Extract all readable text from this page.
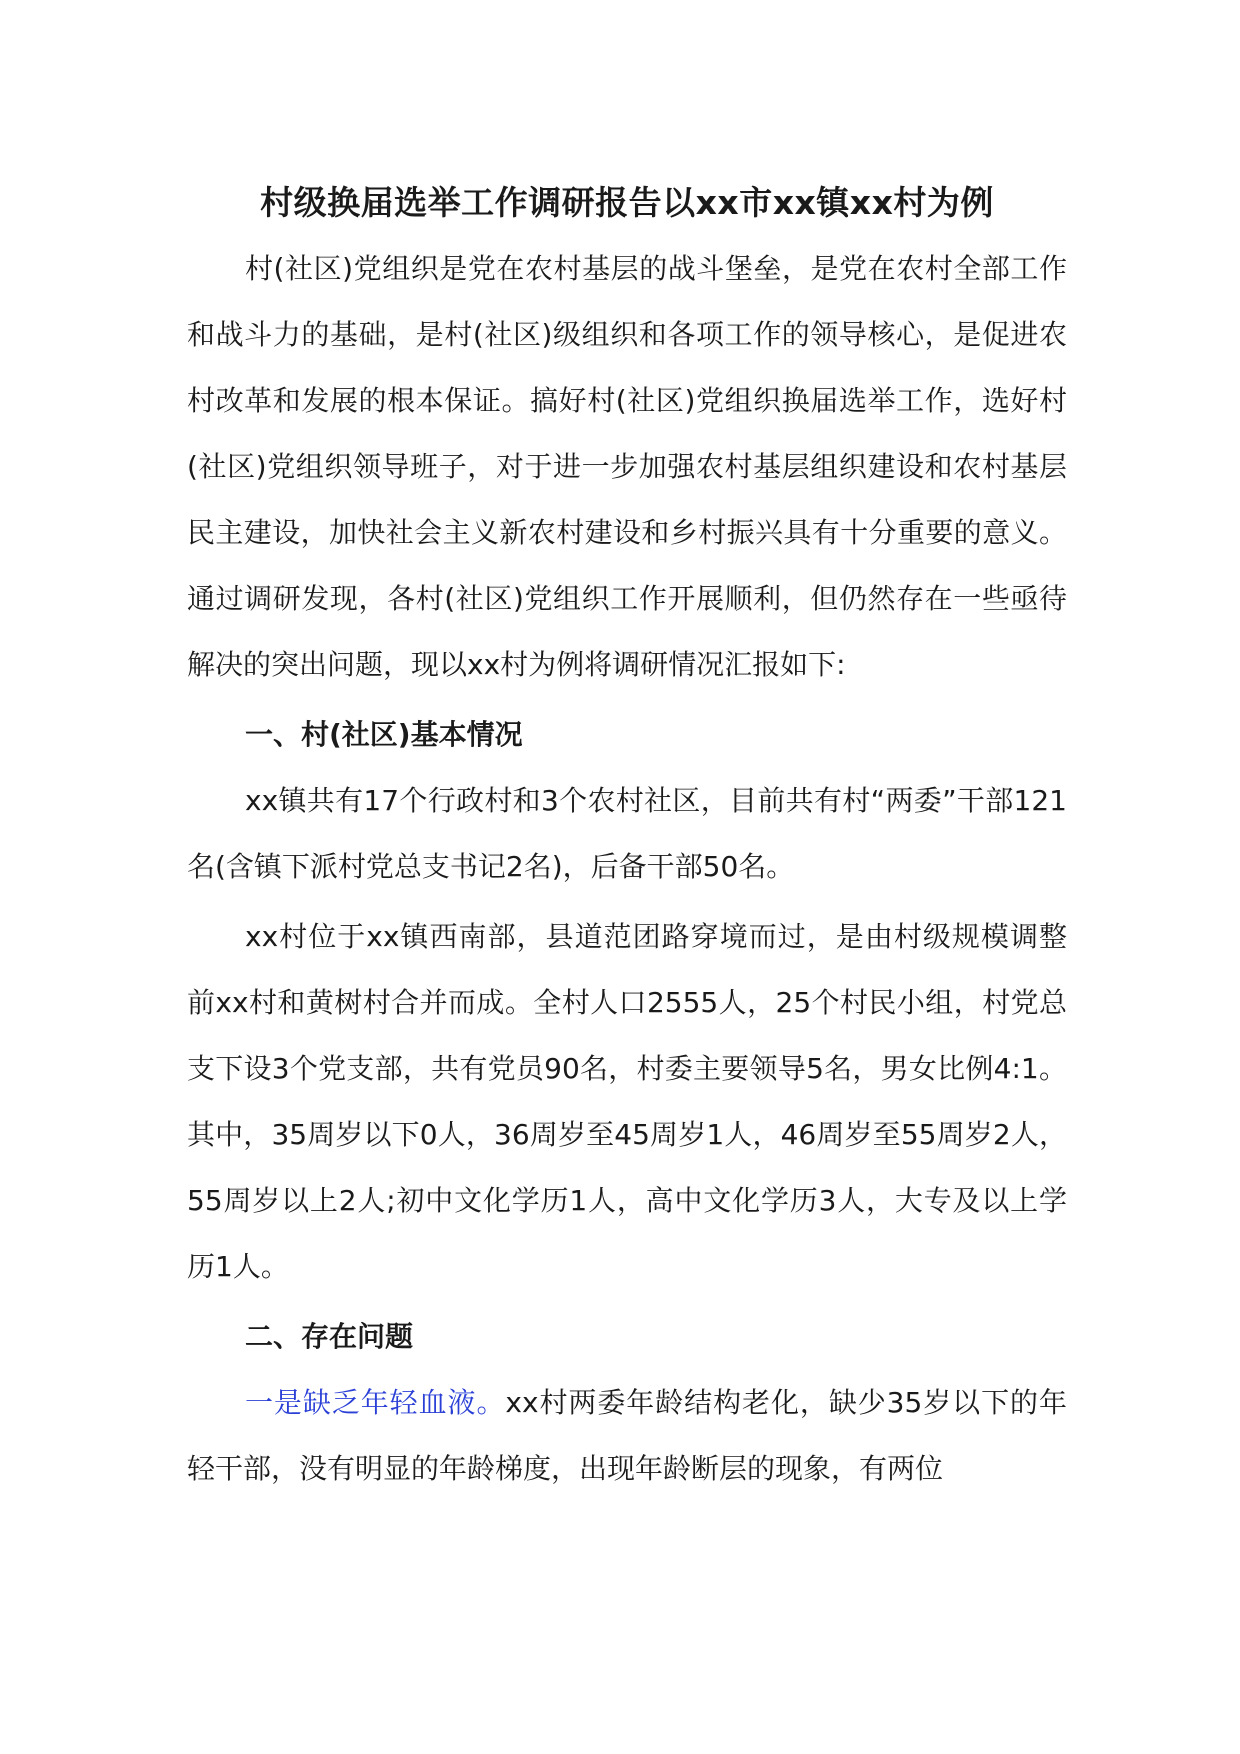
村级换届选举工作调研报告以xx市xx镇xx村为例

村(社区)党组织是党在农村基层的战斗堡垒，是党在农村全部工作和战斗力的基础，是村(社区)级组织和各项工作的领导核心，是促进农村改革和发展的根本保证。搞好村(社区)党组织换届选举工作，选好村(社区)党组织领导班子，对于进一步加强农村基层组织建设和农村基层民主建设，加快社会主义新农村建设和乡村振兴具有十分重要的意义。通过调研发现，各村(社区)党组织工作开展顺利，但仍然存在一些亟待解决的突出问题，现以xx村为例将调研情况汇报如下:

一、村(社区)基本情况

xx镇共有17个行政村和3个农村社区，目前共有村“两委”干部121名(含镇下派村党总支书记2名)，后备干部50名。

xx村位于xx镇西南部，县道范团路穿境而过，是由村级规模调整前xx村和黄树村合并而成。全村人口2555人，25个村民小组，村党总支下设3个党支部，共有党员90名，村委主要领导5名，男女比例4:1。其中，35周岁以下0人，36周岁至45周岁1人，46周岁至55周岁2人，55周岁以上2人;初中文化学历1人，高中文化学历3人，大专及以上学历1人。

二、存在问题

一是缺乏年轻血液。xx村两委年龄结构老化，缺少35岁以下的年轻干部，没有明显的年龄梯度，出现年龄断层的现象，有两位
